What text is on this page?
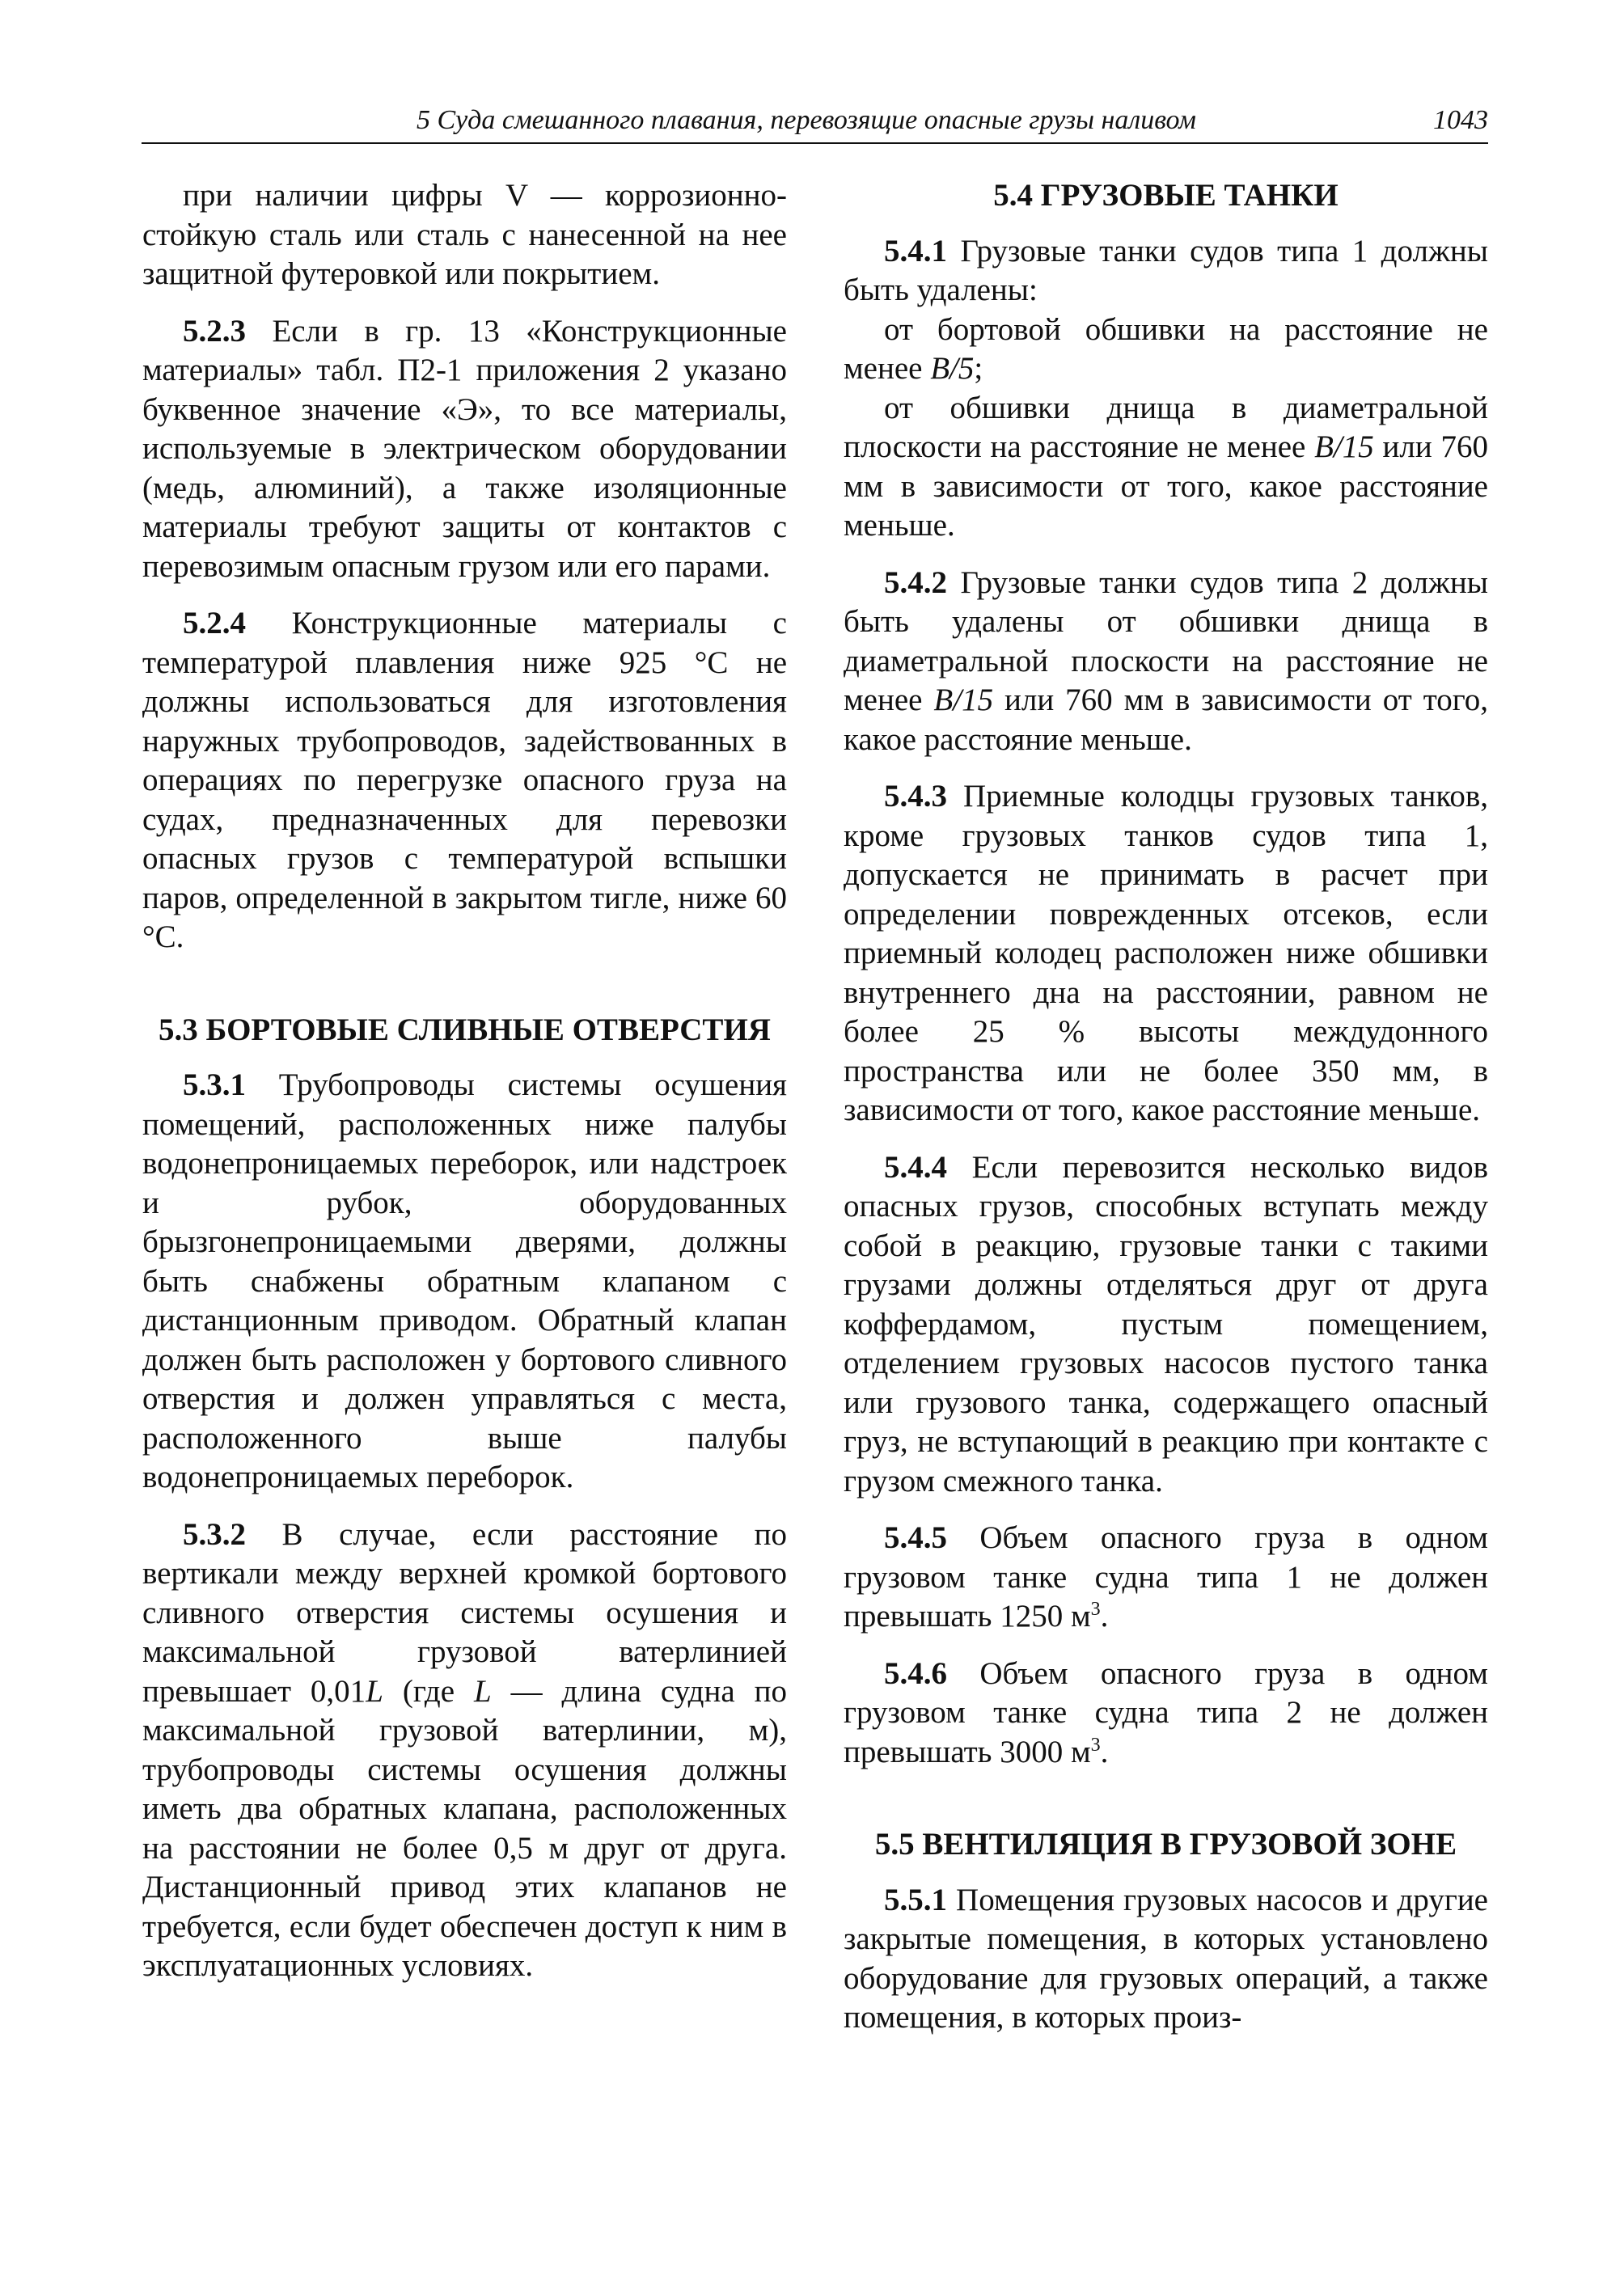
5 Суда смешанного плавания, перевозящие опасные грузы наливом	1043

при наличии цифры V — коррозионно-стойкую сталь или сталь с нанесенной на нее защитной футеровкой или покрытием.

5.2.3 Если в гр. 13 «Конструкционные материалы» табл. П2-1 приложения 2 указано буквенное значение «Э», то все материалы, используемые в электрическом оборудовании (медь, алюминий), а также изоляционные материалы требуют защиты от контактов с перевозимым опасным грузом или его парами.

5.2.4 Конструкционные материалы с температурой плавления ниже 925 °С не должны использоваться для изготовления наружных трубопроводов, задействованных в операциях по перегрузке опасного груза на судах, предназначенных для перевозки опасных грузов с температурой вспышки паров, определенной в закрытом тигле, ниже 60 °С.

5.3 БОРТОВЫЕ СЛИВНЫЕ ОТВЕРСТИЯ

5.3.1 Трубопроводы системы осушения помещений, расположенных ниже палубы водонепроницаемых переборок, или надстроек и рубок, оборудованных брызгонепроницаемыми дверями, должны быть снабжены обратным клапаном с дистанционным приводом. Обратный клапан должен быть расположен у бортового сливного отверстия и должен управляться с места, расположенного выше палубы водонепроницаемых переборок.

5.3.2 В случае, если расстояние по вертикали между верхней кромкой бортового сливного отверстия системы осушения и максимальной грузовой ватерлинией превышает 0,01L (где L — длина судна по максимальной грузовой ватерлинии, м), трубопроводы системы осушения должны иметь два обратных клапана, расположенных на расстоянии не более 0,5 м друг от друга. Дистанционный привод этих клапанов не требуется, если будет обеспечен доступ к ним в эксплуатационных условиях.

5.4 ГРУЗОВЫЕ ТАНКИ

5.4.1 Грузовые танки судов типа 1 должны быть удалены:

от бортовой обшивки на расстояние не менее B/5;

от обшивки днища в диаметральной плоскости на расстояние не менее B/15 или 760 мм в зависимости от того, какое расстояние меньше.

5.4.2 Грузовые танки судов типа 2 должны быть удалены от обшивки днища в диаметральной плоскости на расстояние не менее B/15 или 760 мм в зависимости от того, какое расстояние меньше.

5.4.3 Приемные колодцы грузовых танков, кроме грузовых танков судов типа 1, допускается не принимать в расчет при определении поврежденных отсеков, если приемный колодец расположен ниже обшивки внутреннего дна на расстоянии, равном не более 25 % высоты междудонного пространства или не более 350 мм, в зависимости от того, какое расстояние меньше.

5.4.4 Если перевозится несколько видов опасных грузов, способных вступать между собой в реакцию, грузовые танки с такими грузами должны отделяться друг от друга коффердамом, пустым помещением, отделением грузовых насосов пустого танка или грузового танка, содержащего опасный груз, не вступающий в реакцию при контакте с грузом смежного танка.

5.4.5 Объем опасного груза в одном грузовом танке судна типа 1 не должен превышать 1250 $м^3$.

5.4.6 Объем опасного груза в одном грузовом танке судна типа 2 не должен превышать 3000 $м^3$.

5.5 ВЕНТИЛЯЦИЯ В ГРУЗОВОЙ ЗОНЕ

5.5.1 Помещения грузовых насосов и другие закрытые помещения, в которых установлено оборудование для грузовых операций, а также помещения, в которых произ-
